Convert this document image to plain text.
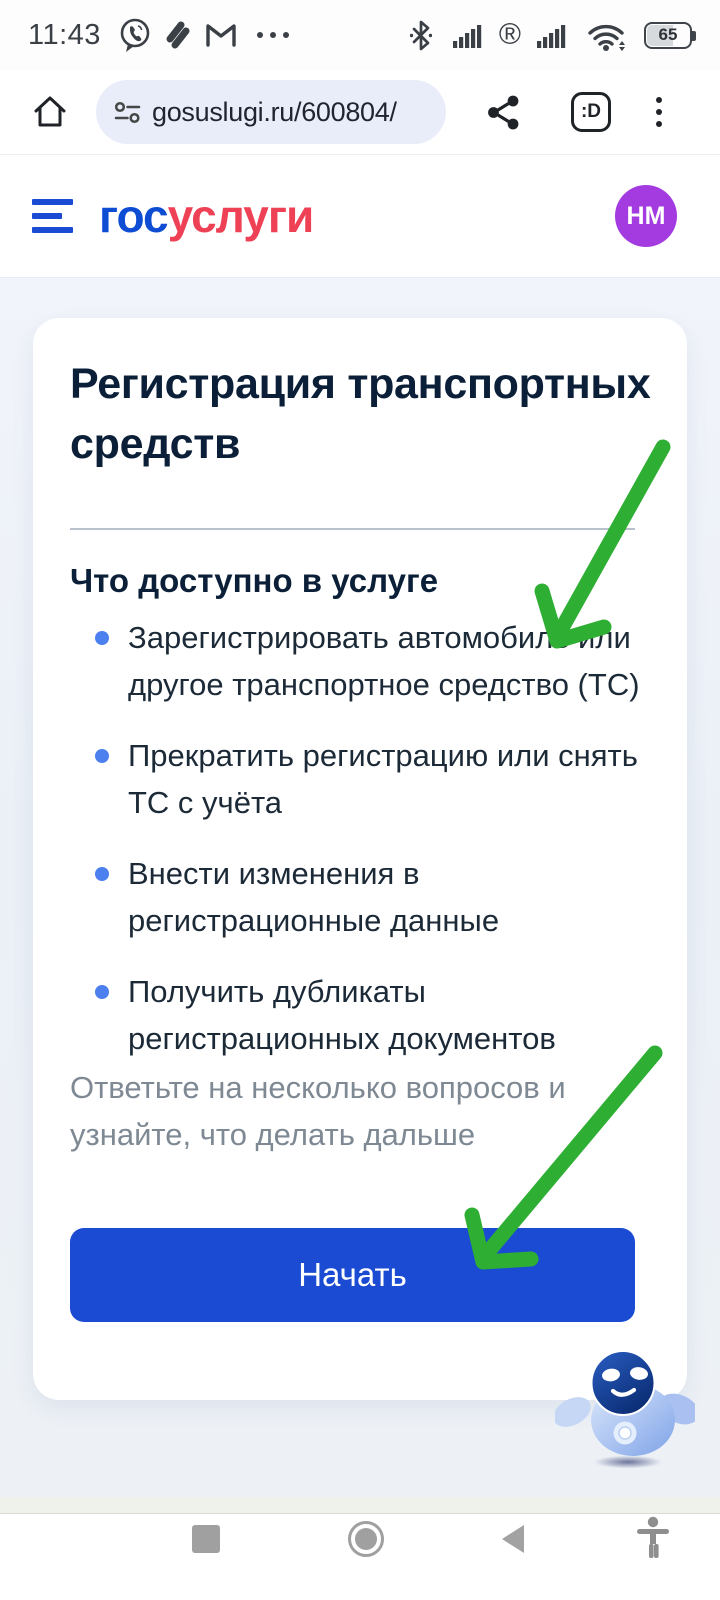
11:43	®	65
gosuslugi.ru/600804/	:D
госуслуги	НМ
Регистрация транспортных средств
Что доступно в услуге
Зарегистрировать автомобиль или другое транспортное средство (ТС)
Прекратить регистрацию или снять ТС с учёта
Внести изменения в регистрационные данные
Получить дубликаты регистрационных документов

Ответьте на несколько вопросов и узнайте, что делать дальше

Начать
